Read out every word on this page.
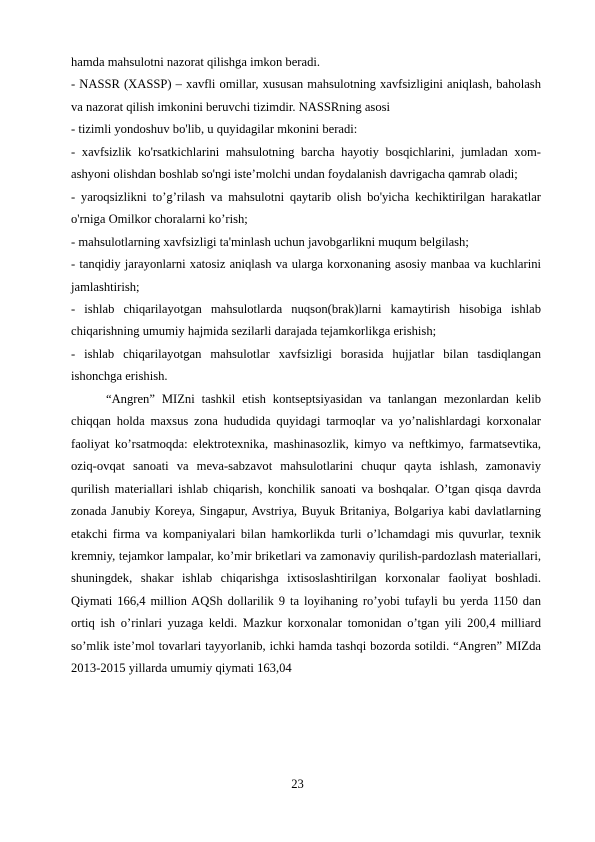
hamda mahsulotni nazorat qilishga imkon beradi.

- NASSR (XASSP) – xavfli omillar, xususan mahsulotning xavfsizligini aniqlash, baholash va nazorat qilish imkonini beruvchi tizimdir. NASSRning asosi

- tizimli yondoshuv bo'lib, u quyidagilar mkonini beradi:

- xavfsizlik ko'rsatkichlarini mahsulotning barcha hayotiy bosqichlarini, jumladan xom-ashyoni olishdan boshlab so'ngi iste’molchi undan foydalanish davrigacha qamrab oladi;

- yaroqsizlikni to’g’rilash va mahsulotni qaytarib olish bo'yicha kechiktirilgan harakatlar o'rniga Omilkor choralarni ko’rish;

- mahsulotlarning xavfsizligi ta'minlash uchun javobgarlikni muqum belgilash;

- tanqidiy jarayonlarni xatosiz aniqlash va ularga korxonaning asosiy manbaa va kuchlarini jamlashtirish;

- ishlab chiqarilayotgan mahsulotlarda nuqson(brak)larni kamaytirish hisobiga ishlab chiqarishning umumiy hajmida sezilarli darajada tejamkorlikga erishish;

- ishlab chiqarilayotgan mahsulotlar xavfsizligi borasida hujjatlar bilan tasdiqlangan ishonchga erishish.

“Angren” MIZni tashkil etish kontseptsiyasidan va tanlangan mezonlardan kelib chiqqan holda maxsus zona hududida quyidagi tarmoqlar va yo’nalishlardagi korxonalar faoliyat ko’rsatmoqda: elektrotexnika, mashinasozlik, kimyo va neftkimyo, farmatsevtika, oziq-ovqat sanoati va meva-sabzavot mahsulotlarini chuqur qayta ishlash, zamonaviy qurilish materiallari ishlab chiqarish, konchilik sanoati va boshqalar. O’tgan qisqa davrda zonada Janubiy Koreya, Singapur, Avstriya, Buyuk Britaniya, Bolgariya kabi davlatlarning etakchi firma va kompaniyalari bilan hamkorlikda turli o’lchamdagi mis quvurlar, texnik kremniy, tejamkor lampalar, ko’mir briketlari va zamonaviy qurilish-pardozlash materiallari, shuningdek, shakar ishlab chiqarishga ixtisoslashtirilgan korxonalar faoliyat boshladi. Qiymati 166,4 million AQSh dollarilik 9 ta loyihaning ro’yobi tufayli bu yerda 1150 dan ortiq ish o’rinlari yuzaga keldi. Mazkur korxonalar tomonidan o’tgan yili 200,4 milliard so’mlik iste’mol tovarlari tayyorlanib, ichki hamda tashqi bozorda sotildi. “Angren” MIZda 2013-2015 yillarda umumiy qiymati 163,04

23
